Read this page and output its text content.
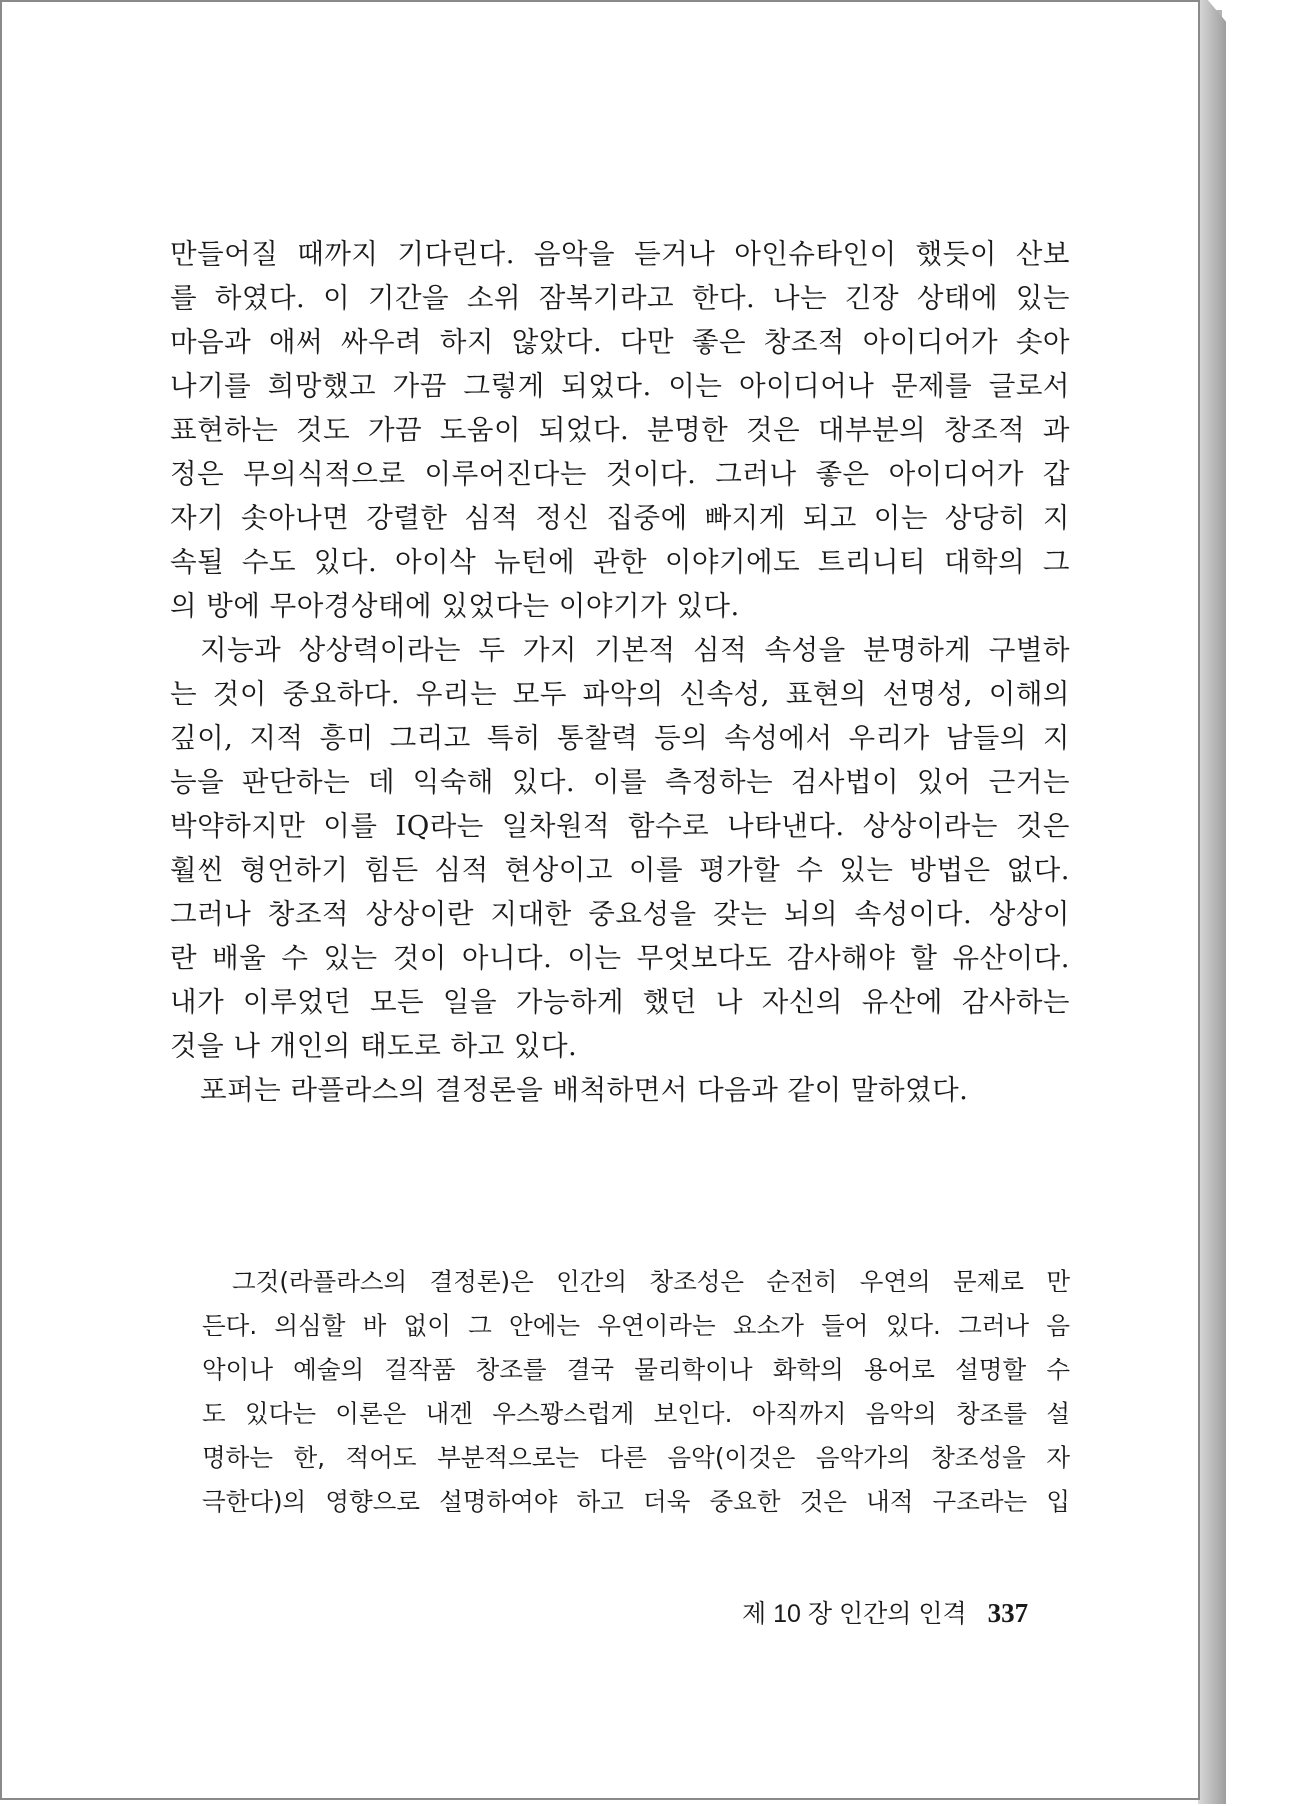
만들어질 때까지 기다린다. 음악을 듣거나 아인슈타인이 했듯이 산보
를 하였다. 이 기간을 소위 잠복기라고 한다. 나는 긴장 상태에 있는
마음과 애써 싸우려 하지 않았다. 다만 좋은 창조적 아이디어가 솟아
나기를 희망했고 가끔 그렇게 되었다. 이는 아이디어나 문제를 글로서
표현하는 것도 가끔 도움이 되었다. 분명한 것은 대부분의 창조적 과
정은 무의식적으로 이루어진다는 것이다. 그러나 좋은 아이디어가 갑
자기 솟아나면 강렬한 심적 정신 집중에 빠지게 되고 이는 상당히 지
속될 수도 있다. 아이삭 뉴턴에 관한 이야기에도 트리니티 대학의 그
의 방에 무아경상태에 있었다는 이야기가 있다.
지능과 상상력이라는 두 가지 기본적 심적 속성을 분명하게 구별하
는 것이 중요하다. 우리는 모두 파악의 신속성, 표현의 선명성, 이해의
깊이, 지적 흥미 그리고 특히 통찰력 등의 속성에서 우리가 남들의 지
능을 판단하는 데 익숙해 있다. 이를 측정하는 검사법이 있어 근거는
박약하지만 이를 IQ라는 일차원적 함수로 나타낸다. 상상이라는 것은
훨씬 형언하기 힘든 심적 현상이고 이를 평가할 수 있는 방법은 없다.
그러나 창조적 상상이란 지대한 중요성을 갖는 뇌의 속성이다. 상상이
란 배울 수 있는 것이 아니다. 이는 무엇보다도 감사해야 할 유산이다.
내가 이루었던 모든 일을 가능하게 했던 나 자신의 유산에 감사하는
것을 나 개인의 태도로 하고 있다.
포퍼는 라플라스의 결정론을 배척하면서 다음과 같이 말하였다.
그것(라플라스의 결정론)은 인간의 창조성은 순전히 우연의 문제로 만
든다. 의심할 바 없이 그 안에는 우연이라는 요소가 들어 있다. 그러나 음
악이나 예술의 걸작품 창조를 결국 물리학이나 화학의 용어로 설명할 수
도 있다는 이론은 내겐 우스꽝스럽게 보인다. 아직까지 음악의 창조를 설
명하는 한, 적어도 부분적으로는 다른 음악(이것은 음악가의 창조성을 자
극한다)의 영향으로 설명하여야 하고 더욱 중요한 것은 내적 구조라는 입
제 10 장 인간의 인격 337
